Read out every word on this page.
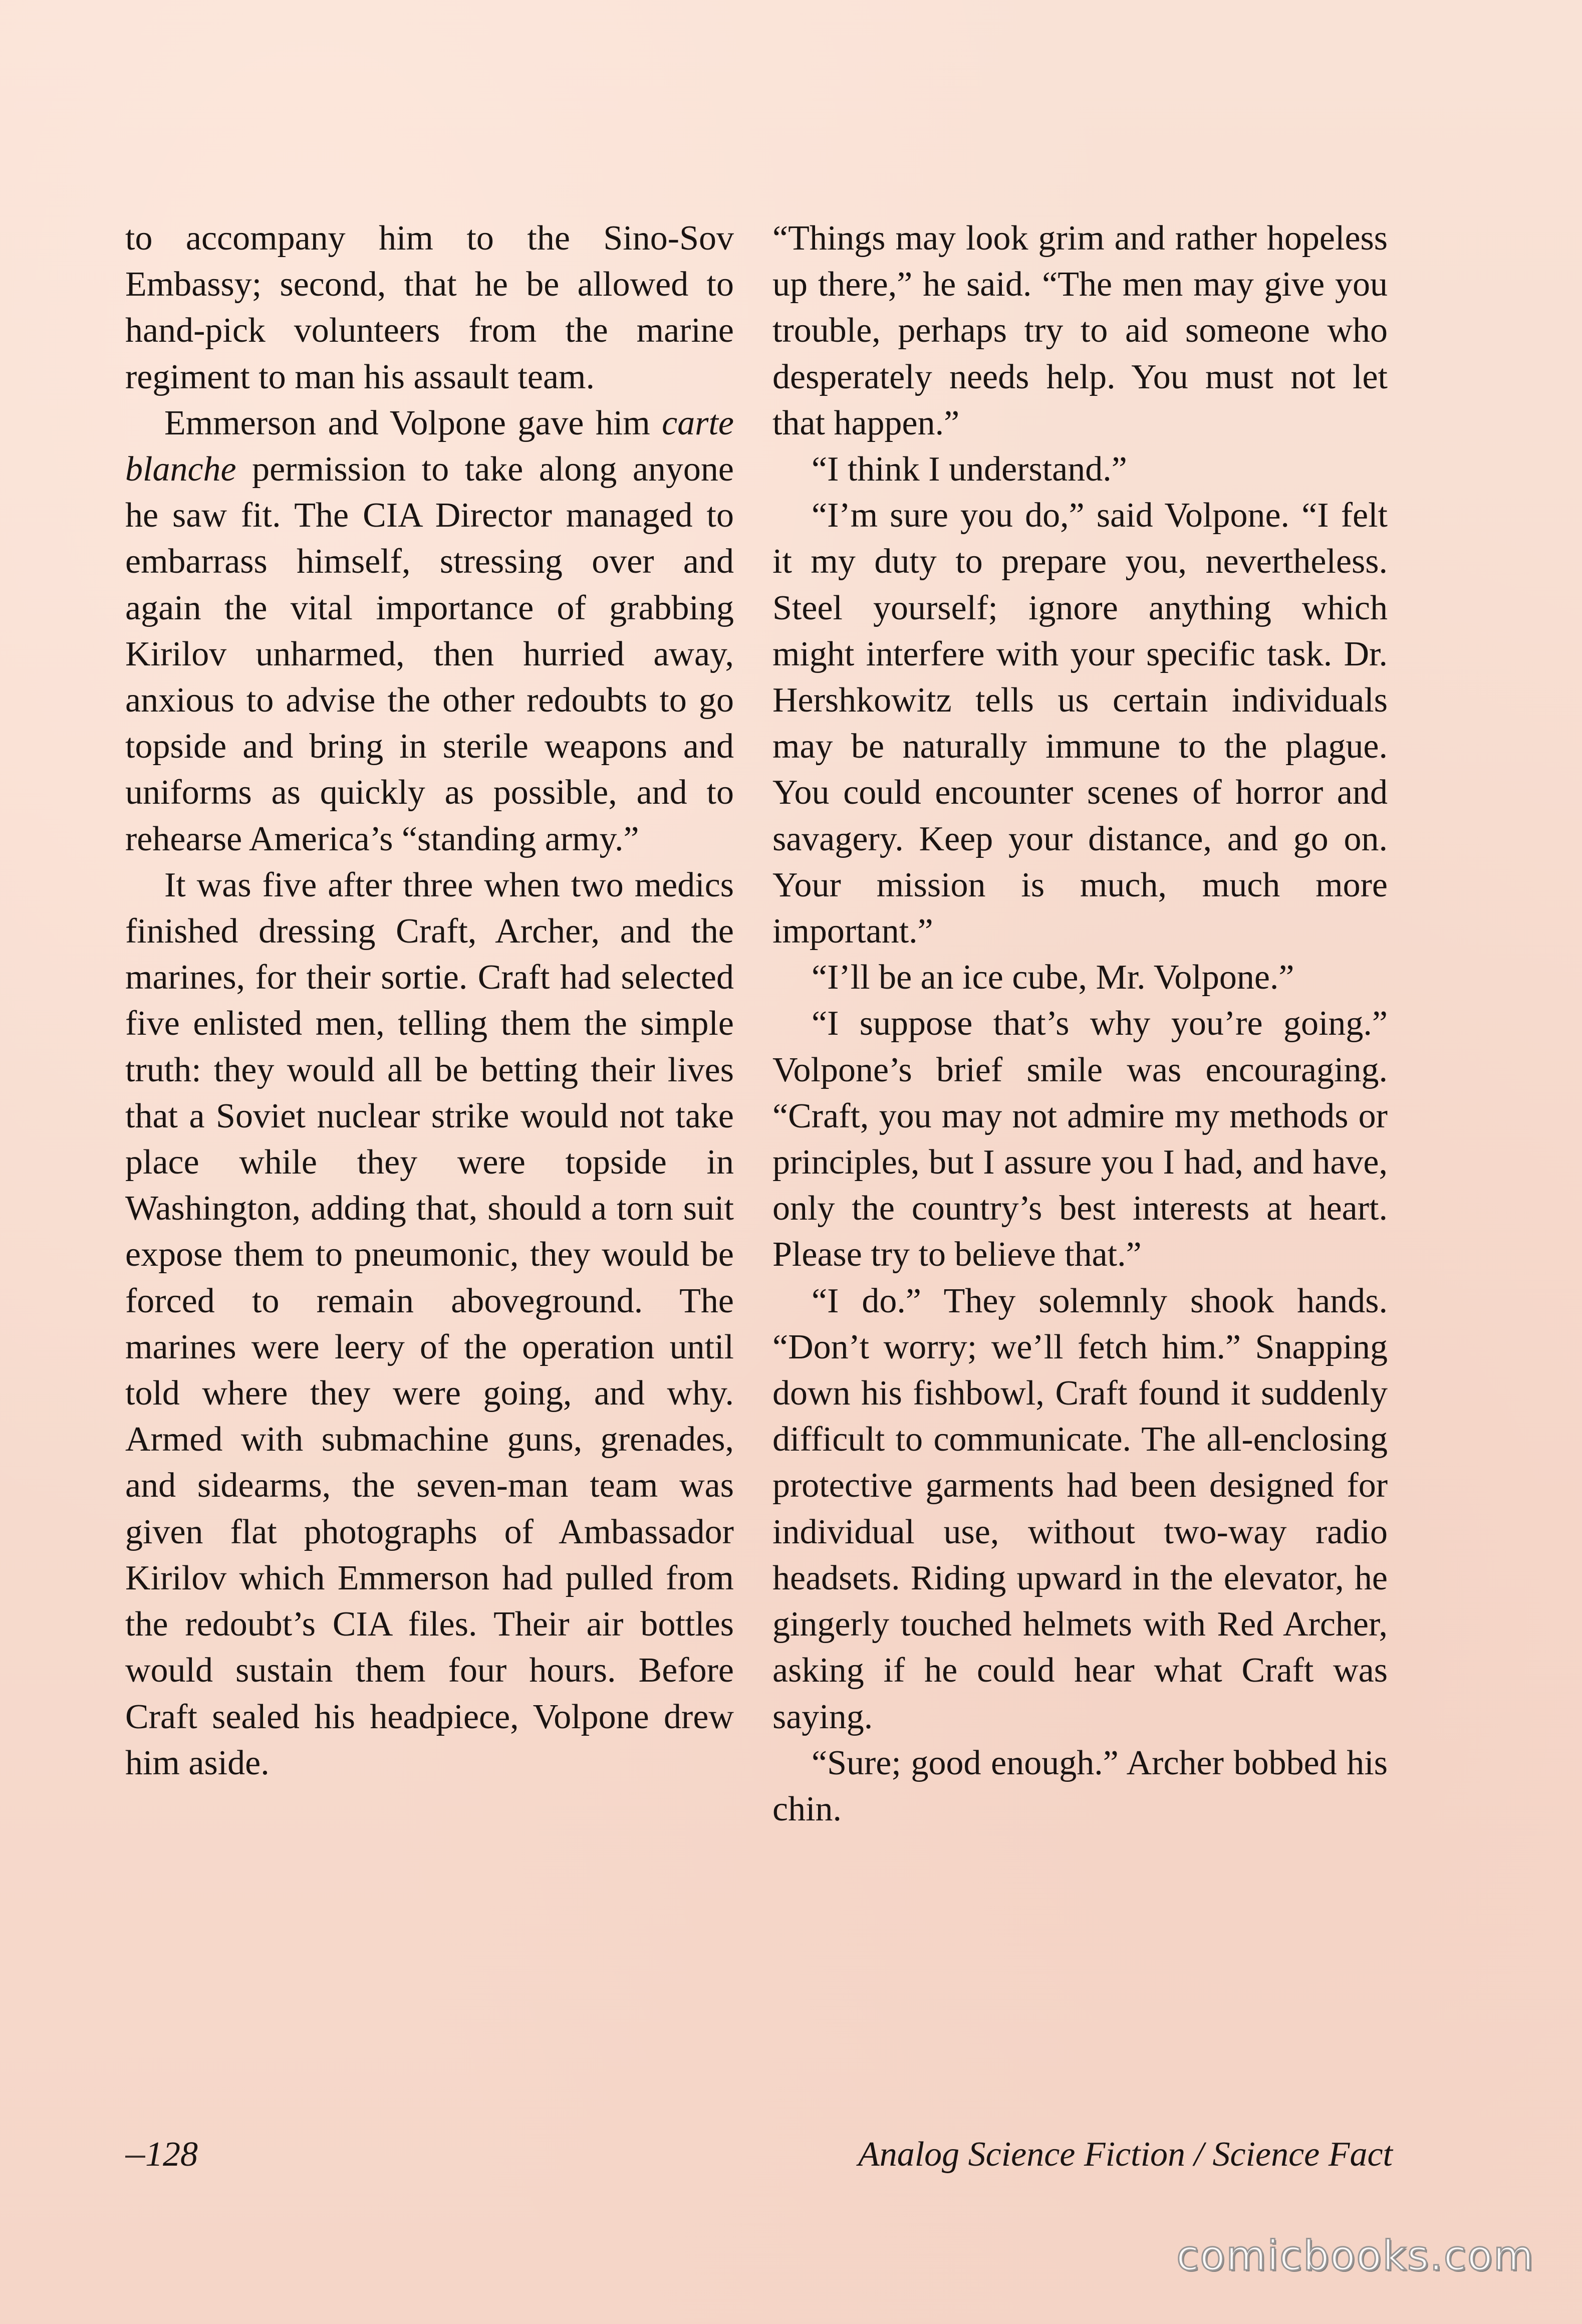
to accompany him to the Sino-Sov Embassy; second, that he be allowed to hand-pick volunteers from the marine regiment to man his assault team.

Emmerson and Volpone gave him carte blanche permission to take along anyone he saw fit. The CIA Director managed to embarrass himself, stressing over and again the vital importance of grabbing Kirilov unharmed, then hurried away, anxious to advise the other redoubts to go topside and bring in sterile weapons and uniforms as quickly as possible, and to rehearse America’s “standing army.”

It was five after three when two medics finished dressing Craft, Archer, and the marines, for their sortie. Craft had selected five enlisted men, telling them the simple truth: they would all be betting their lives that a Soviet nuclear strike would not take place while they were topside in Washington, adding that, should a torn suit expose them to pneumonic, they would be forced to remain aboveground. The marines were leery of the operation until told where they were going, and why. Armed with submachine guns, grenades, and sidearms, the seven-man team was given flat photographs of Ambassador Kirilov which Emmerson had pulled from the redoubt’s CIA files. Their air bottles would sustain them four hours. Before Craft sealed his headpiece, Volpone drew him aside.

“Things may look grim and rather hopeless up there,” he said. “The men may give you trouble, perhaps try to aid someone who desperately needs help. You must not let that happen.”

“I think I understand.”

“I’m sure you do,” said Volpone. “I felt it my duty to prepare you, nevertheless. Steel yourself; ignore anything which might interfere with your specific task. Dr. Hershkowitz tells us certain individuals may be naturally immune to the plague. You could encounter scenes of horror and savagery. Keep your distance, and go on. Your mission is much, much more important.”

“I’ll be an ice cube, Mr. Volpone.”

“I suppose that’s why you’re going.” Volpone’s brief smile was encouraging. “Craft, you may not admire my methods or principles, but I assure you I had, and have, only the country’s best interests at heart. Please try to believe that.”

“I do.” They solemnly shook hands. “Don’t worry; we’ll fetch him.” Snapping down his fishbowl, Craft found it suddenly difficult to communicate. The all-enclosing protective garments had been designed for individual use, without two-way radio headsets. Riding upward in the elevator, he gingerly touched helmets with Red Archer, asking if he could hear what Craft was saying.

“Sure; good enough.” Archer bobbed his chin.

128	Analog Science Fiction / Science Fact
comicbooks.com
